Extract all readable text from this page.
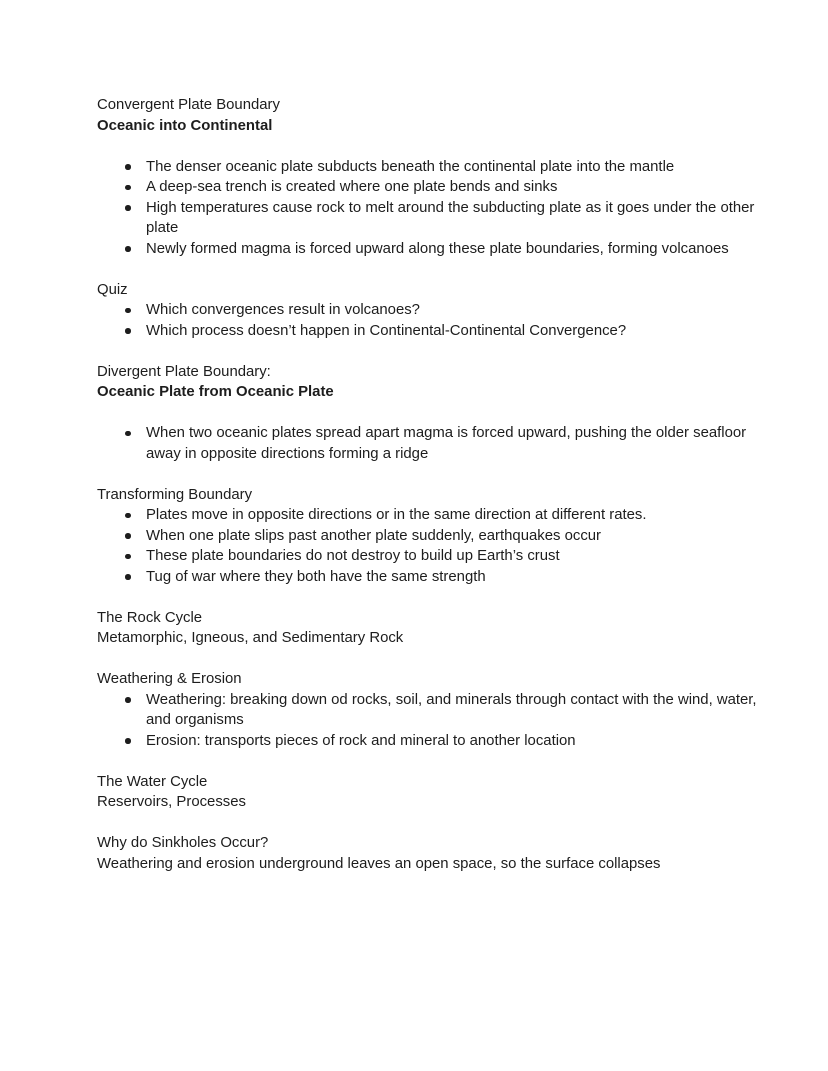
Convergent Plate Boundary
Oceanic into Continental
The denser oceanic plate subducts beneath the continental plate into the mantle
A deep-sea trench is created where one plate bends and sinks
High temperatures cause rock to melt around the subducting plate as it goes under the other plate
Newly formed magma is forced upward along these plate boundaries, forming volcanoes
Quiz
Which convergences result in volcanoes?
Which process doesn’t happen in Continental-Continental Convergence?
Divergent Plate Boundary:
Oceanic Plate from Oceanic Plate
When two oceanic plates spread apart magma is forced upward, pushing the older seafloor away in opposite directions forming a ridge
Transforming Boundary
Plates move in opposite directions or in the same direction at different rates.
When one plate slips past another plate suddenly, earthquakes occur
These plate boundaries do not destroy to build up Earth’s crust
Tug of war where they both have the same strength
The Rock Cycle
Metamorphic, Igneous, and Sedimentary Rock
Weathering & Erosion
Weathering: breaking down od rocks, soil, and minerals through contact with the wind, water, and organisms
Erosion: transports pieces of rock and mineral to another location
The Water Cycle
Reservoirs, Processes
Why do Sinkholes Occur?
Weathering and erosion underground leaves an open space, so the surface collapses
